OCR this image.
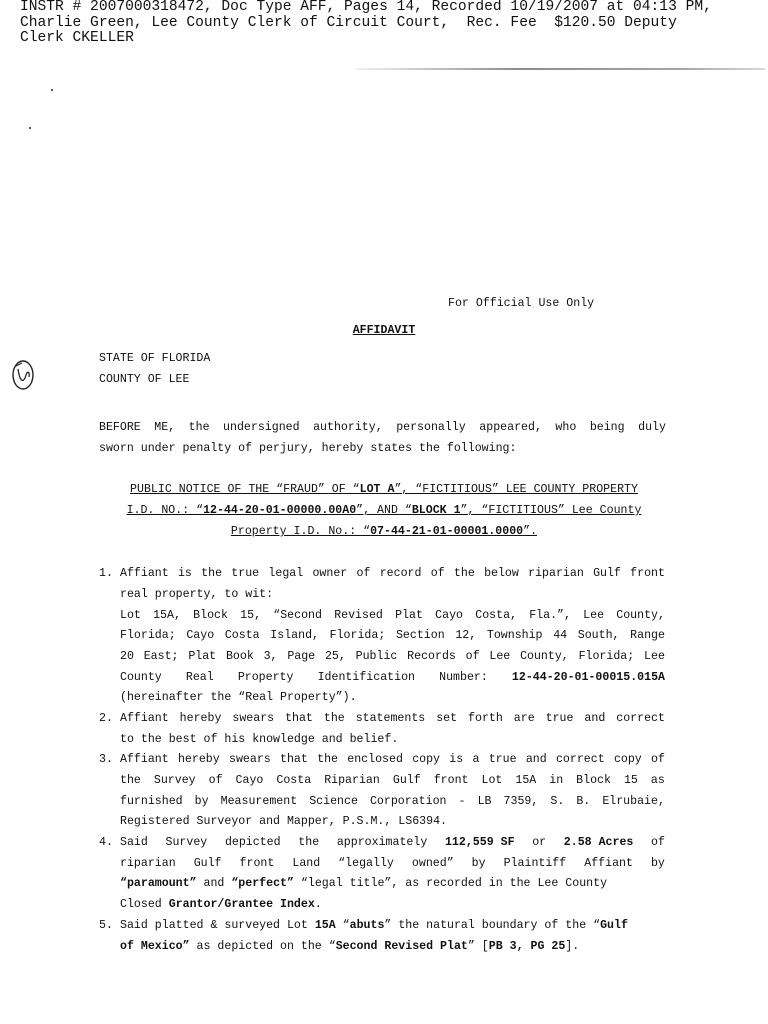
INSTR # 2007000318472, Doc Type AFF, Pages 14, Recorded 10/19/2007 at 04:13 PM,
Charlie Green, Lee County Clerk of Circuit Court,  Rec. Fee  $120.50 Deputy
Clerk CKELLER
For Official Use Only
AFFIDAVIT
STATE OF FLORIDA
COUNTY OF LEE
BEFORE ME, the undersigned authority, personally appeared, who being duly
sworn under penalty of perjury, hereby states the following:
PUBLIC NOTICE OF THE “FRAUD” OF “LOT A”, “FICTITIOUS” LEE COUNTY PROPERTY
I.D. NO.: “12-44-20-01-00000.00A0”, AND “BLOCK 1”, “FICTITIOUS” Lee County
Property I.D. No.: “07-44-21-01-00001.0000”.
1. Affiant is the true legal owner of record of the below riparian Gulf front
real property, to wit:
Lot 15A, Block 15, “Second Revised Plat Cayo Costa, Fla.”, Lee County,
Florida; Cayo Costa Island, Florida; Section 12, Township 44 South, Range
20 East; Plat Book 3, Page 25, Public Records of Lee County, Florida; Lee
County Real Property Identification Number: 12-44-20-01-00015.015A
(hereinafter the “Real Property”).
2. Affiant hereby swears that the statements set forth are true and correct
to the best of his knowledge and belief.
3. Affiant hereby swears that the enclosed copy is a true and correct copy of
the Survey of Cayo Costa Riparian Gulf front Lot 15A in Block 15 as
furnished by Measurement Science Corporation - LB 7359, S. B. Elrubaie,
Registered Surveyor and Mapper, P.S.M., LS6394.
4. Said Survey depicted the approximately 112,559 SF or 2.58 Acres of
riparian Gulf front Land “legally owned” by Plaintiff Affiant by
“paramount” and “perfect” “legal title”, as recorded in the Lee County
Closed Grantor/Grantee Index.
5. Said platted & surveyed Lot 15A “abuts” the natural boundary of the “Gulf
of Mexico” as depicted on the “Second Revised Plat” [PB 3, PG 25].
